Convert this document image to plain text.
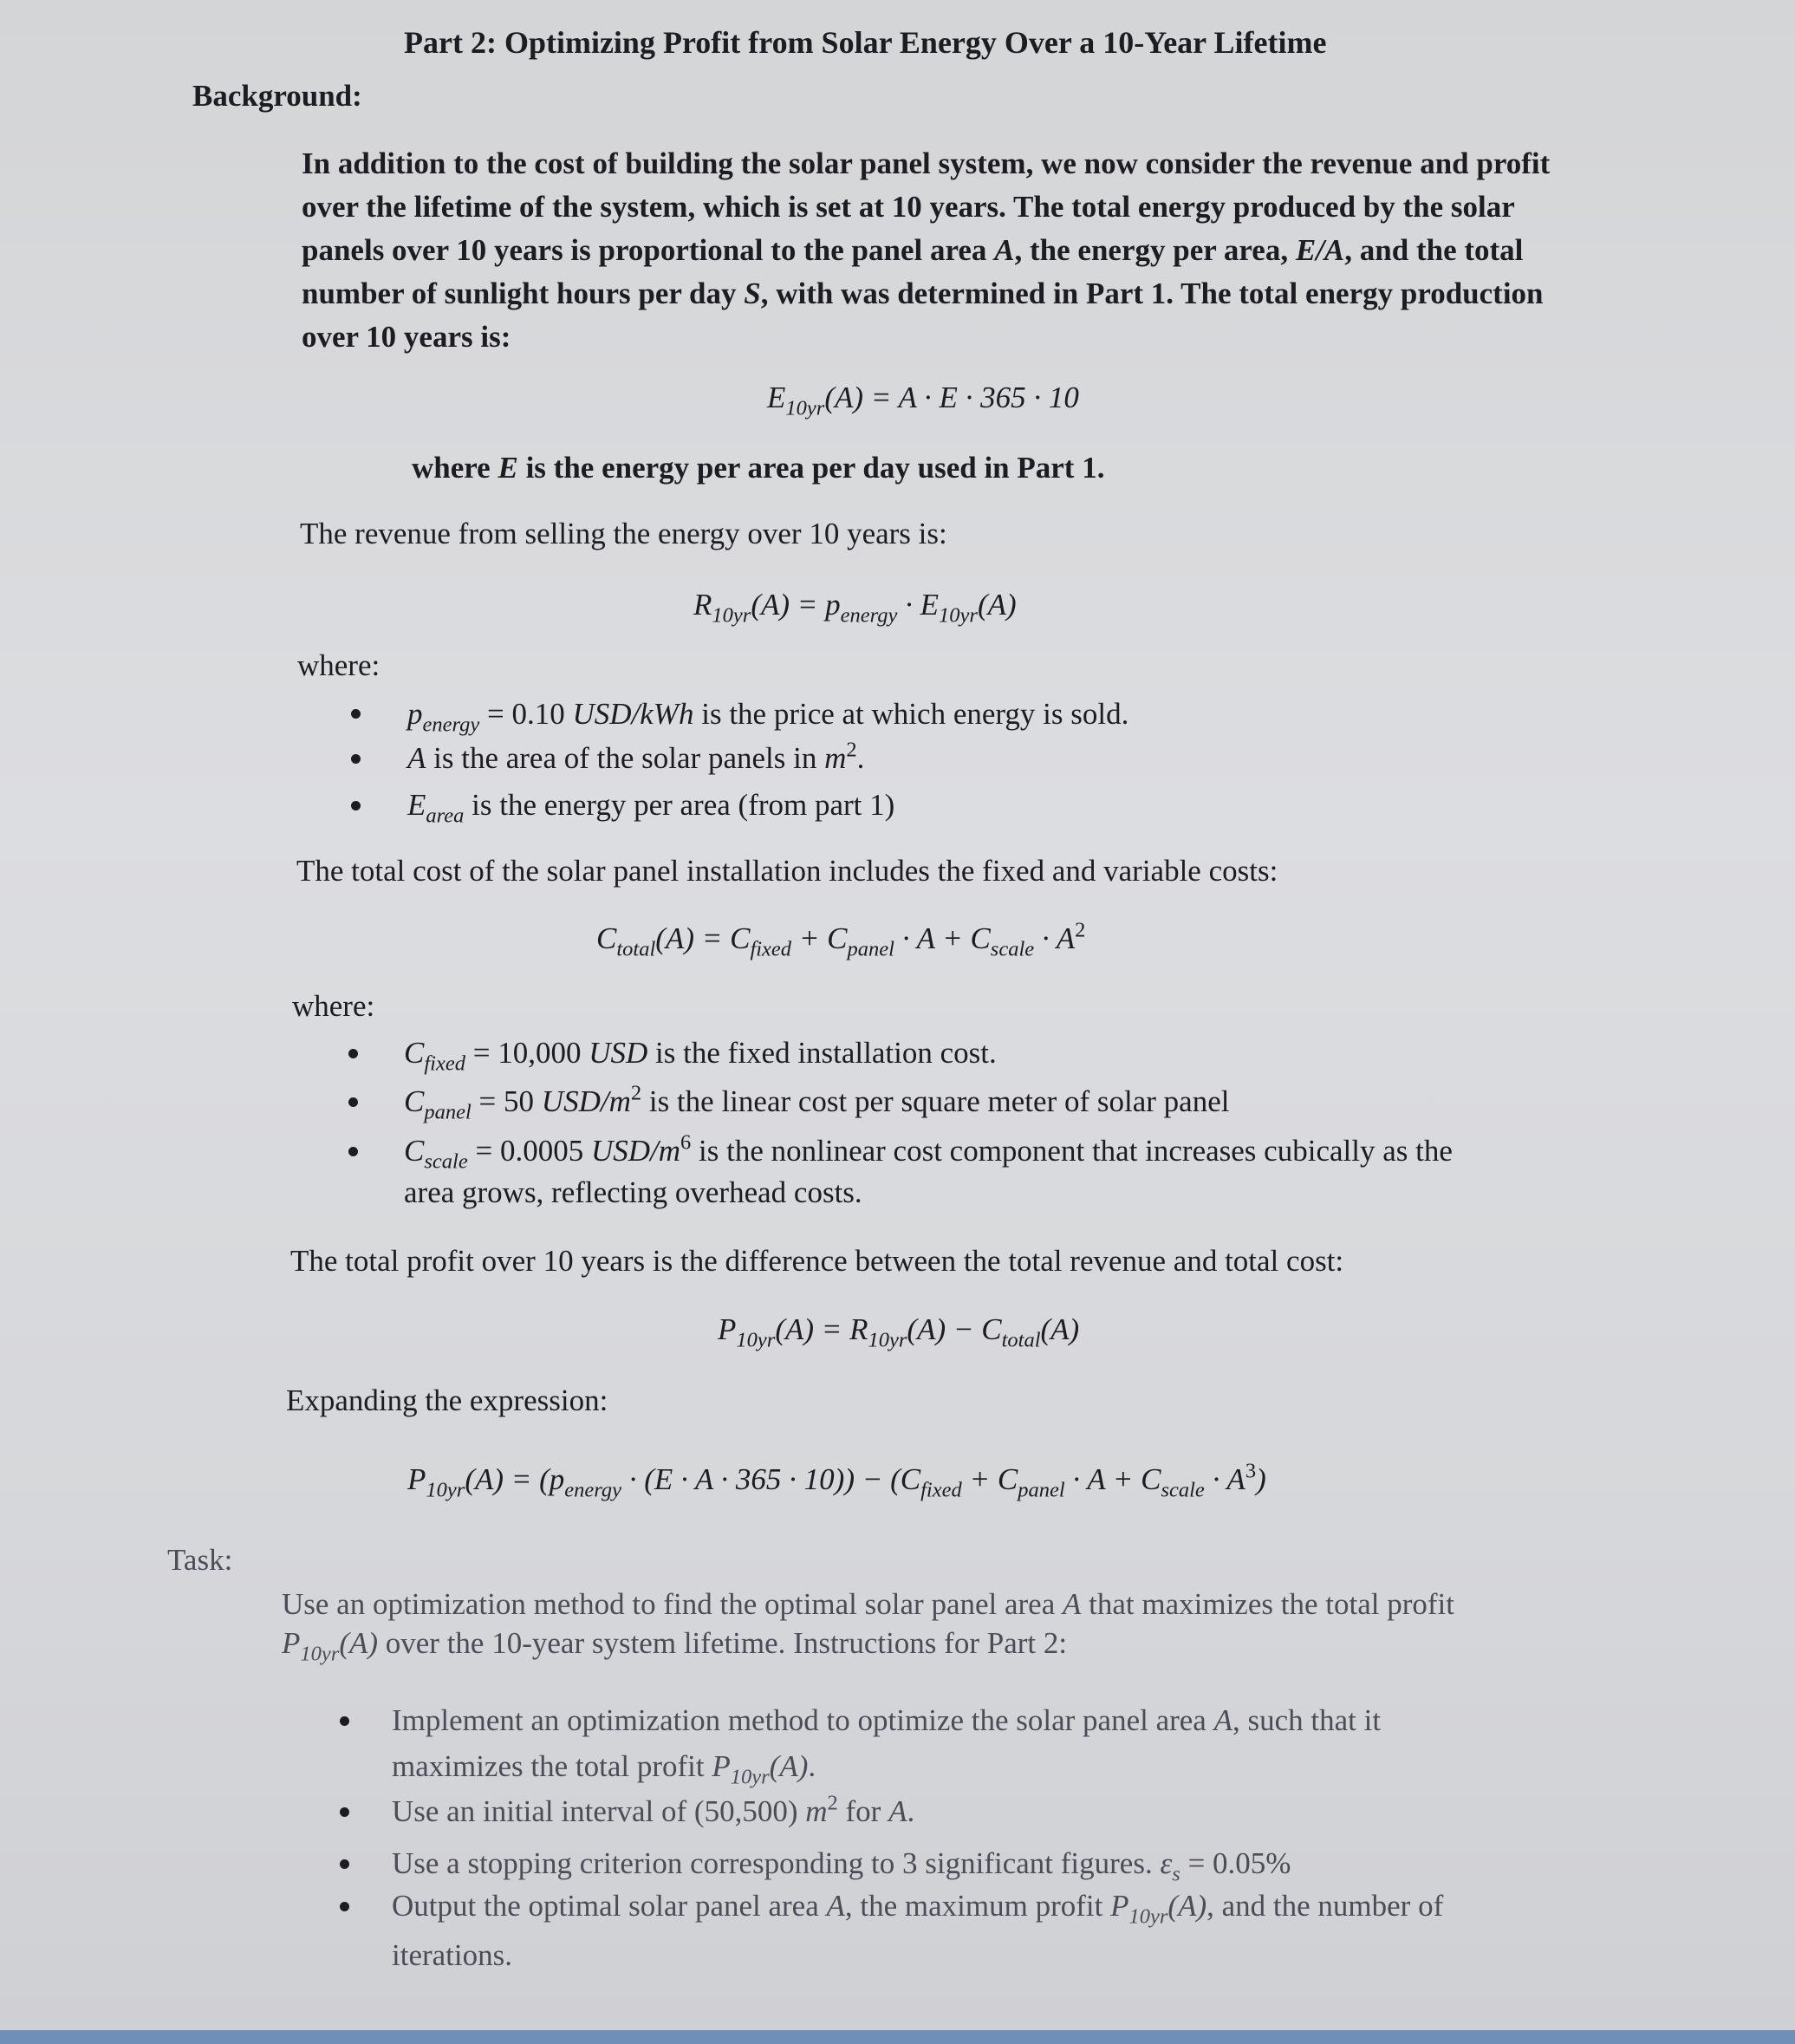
Part 2: Optimizing Profit from Solar Energy Over a 10-Year Lifetime
Background:
In addition to the cost of building the solar panel system, we now consider the revenue and profit
over the lifetime of the system, which is set at 10 years. The total energy produced by the solar
panels over 10 years is proportional to the panel area A, the energy per area, E/A, and the total
number of sunlight hours per day S, with was determined in Part 1. The total energy production
over 10 years is:
$E_{10yr}(A) = A \cdot E \cdot 365 \cdot 10$
where E is the energy per area per day used in Part 1.
The revenue from selling the energy over 10 years is:
$R_{10yr}(A) = p_{energy} \cdot E_{10yr}(A)$
where:
$p_{energy} = 0.10$ USD/kWh is the price at which energy is sold.
A is the area of the solar panels in $m^2$.
$E_{area}$ is the energy per area (from part 1)
The total cost of the solar panel installation includes the fixed and variable costs:
$C_{total}(A) = C_{fixed} + C_{panel} \cdot A + C_{scale} \cdot A^2$
where:
$C_{fixed} = 10,000$ USD is the fixed installation cost.
$C_{panel} = 50$ USD/$m^2$ is the linear cost per square meter of solar panel
$C_{scale} = 0.0005$ USD/$m^6$ is the nonlinear cost component that increases cubically as the
area grows, reflecting overhead costs.
The total profit over 10 years is the difference between the total revenue and total cost:
$P_{10yr}(A) = R_{10yr}(A) - C_{total}(A)$
Expanding the expression:
$P_{10yr}(A) = (p_{energy} \cdot (E \cdot A \cdot 365 \cdot 10)) - (C_{fixed} + C_{panel} \cdot A + C_{scale} \cdot A^3)$
Task:
Use an optimization method to find the optimal solar panel area A that maximizes the total profit
$P_{10yr}(A)$ over the 10-year system lifetime. Instructions for Part 2:
Implement an optimization method to optimize the solar panel area A, such that it
maximizes the total profit $P_{10yr}(A)$.
Use an initial interval of (50,500) $m^2$ for A.
Use a stopping criterion corresponding to 3 significant figures. $\varepsilon_s = 0.05\%$
Output the optimal solar panel area A, the maximum profit $P_{10yr}(A)$, and the number of
iterations.
